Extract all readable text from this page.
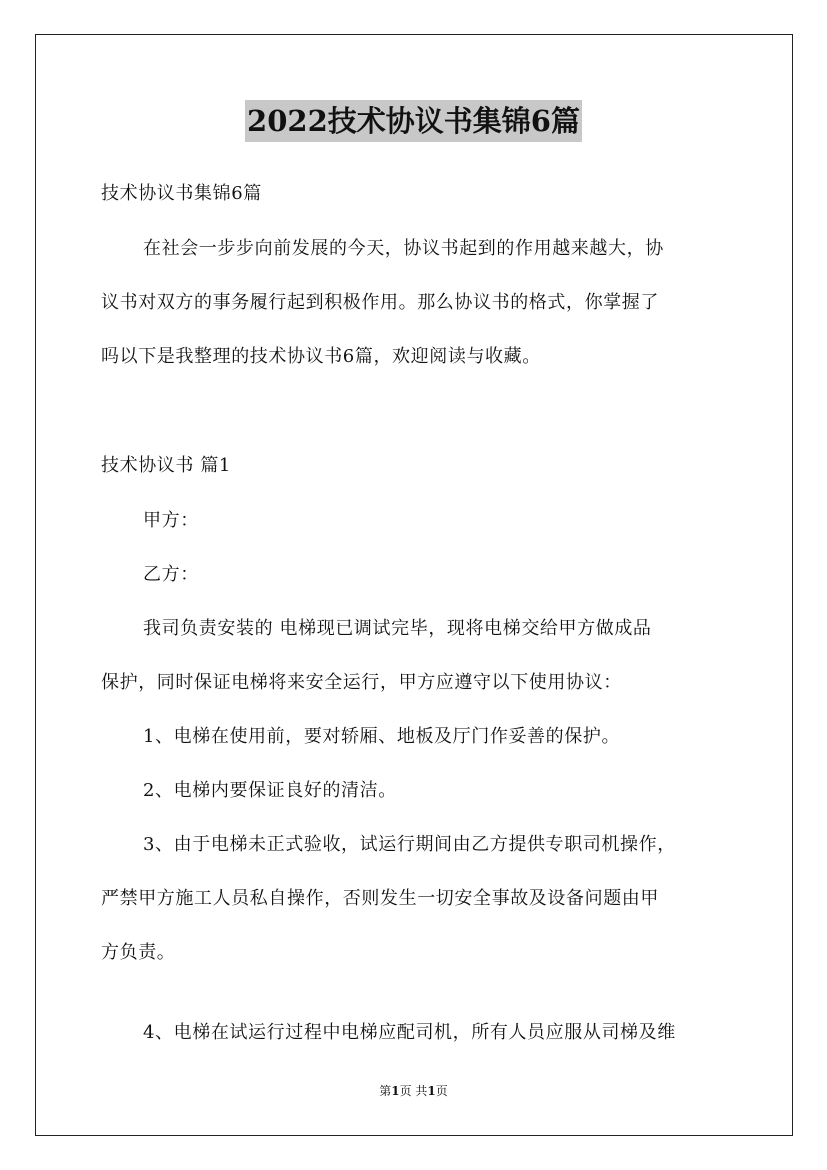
2022技术协议书集锦6篇
技术协议书集锦6篇
在社会一步步向前发展的今天，协议书起到的作用越来越大，协
议书对双方的事务履行起到积极作用。那么协议书的格式，你掌握了
吗以下是我整理的技术协议书6篇，欢迎阅读与收藏。
技术协议书 篇1
甲方：
乙方：
我司负责安装的 电梯现已调试完毕，现将电梯交给甲方做成品
保护，同时保证电梯将来安全运行，甲方应遵守以下使用协议：
1、电梯在使用前，要对轿厢、地板及厅门作妥善的保护。
2、电梯内要保证良好的清洁。
3、由于电梯未正式验收，试运行期间由乙方提供专职司机操作，
严禁甲方施工人员私自操作，否则发生一切安全事故及设备问题由甲
方负责。
4、电梯在试运行过程中电梯应配司机，所有人员应服从司梯及维
第1页 共1页
